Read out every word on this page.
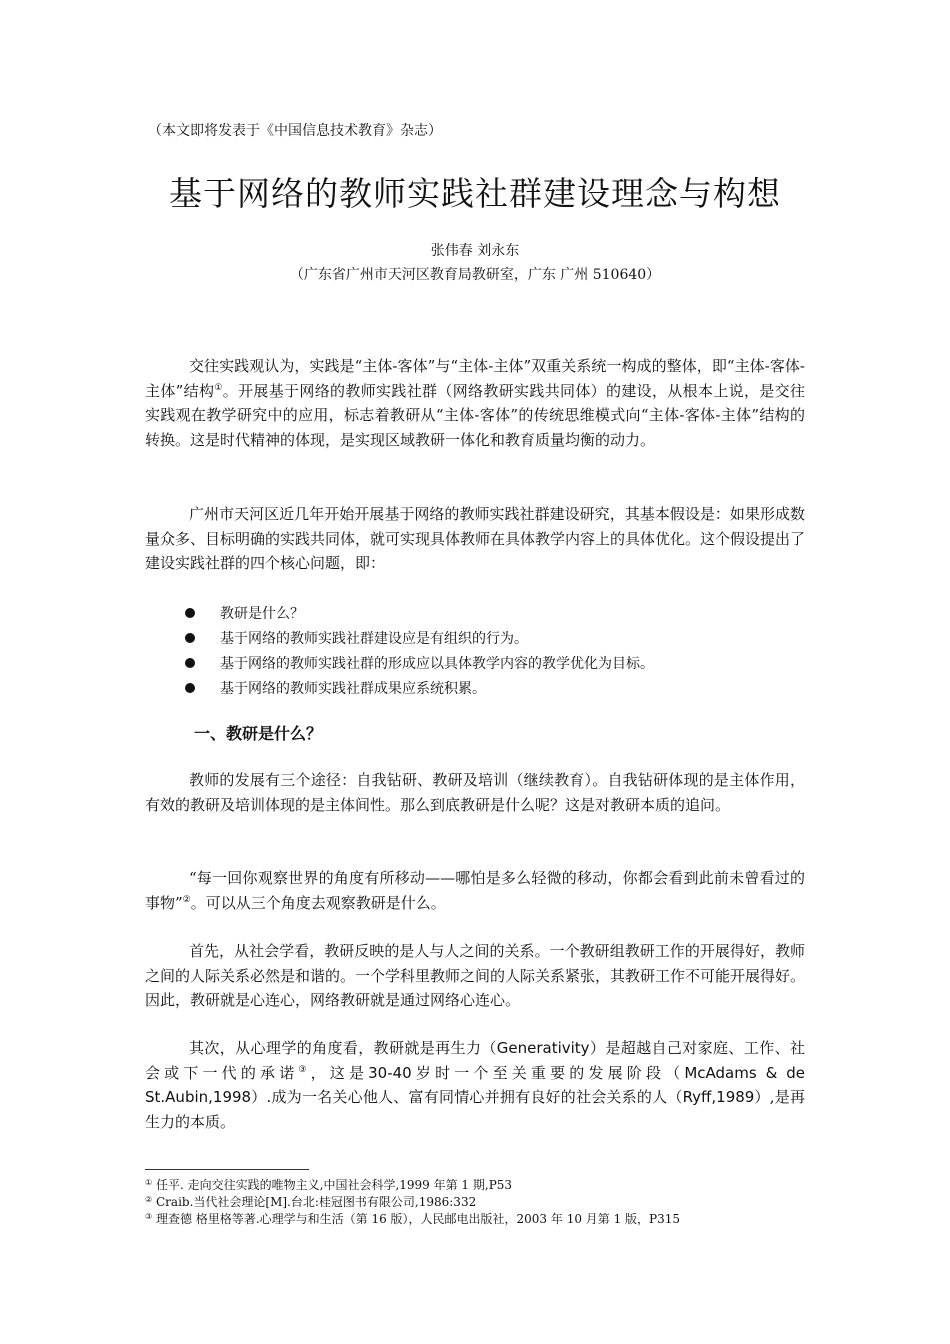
（本文即将发表于《中国信息技术教育》杂志）
基于网络的教师实践社群建设理念与构想
张伟春 刘永东
（广东省广州市天河区教育局教研室，广东 广州 510640）

交往实践观认为，实践是“主体-客体”与“主体-主体”双重关系统一构成的整体，即“主体-客体-主体”结构①。开展基于网络的教师实践社群（网络教研实践共同体）的建设，从根本上说，是交往实践观在教学研究中的应用，标志着教研从“主体-客体”的传统思维模式向“主体-客体-主体”结构的转换。这是时代精神的体现，是实现区域教研一体化和教育质量均衡的动力。

广州市天河区近几年开始开展基于网络的教师实践社群建设研究，其基本假设是：如果形成数量众多、目标明确的实践共同体，就可实现具体教师在具体教学内容上的具体优化。这个假设提出了建设实践社群的四个核心问题，即：

教研是什么？
基于网络的教师实践社群建设应是有组织的行为。
基于网络的教师实践社群的形成应以具体教学内容的教学优化为目标。
基于网络的教师实践社群成果应系统积累。
一、教研是什么？

教师的发展有三个途径：自我钻研、教研及培训（继续教育）。自我钻研体现的是主体作用，有效的教研及培训体现的是主体间性。那么到底教研是什么呢？这是对教研本质的追问。

“每一回你观察世界的角度有所移动——哪怕是多么轻微的移动，你都会看到此前未曾看过的事物”②。可以从三个角度去观察教研是什么。

首先，从社会学看，教研反映的是人与人之间的关系。一个教研组教研工作的开展得好，教师之间的人际关系必然是和谐的。一个学科里教师之间的人际关系紧张，其教研工作不可能开展得好。因此，教研就是心连心，网络教研就是通过网络心连心。

其次，从心理学的角度看，教研就是再生力（Generativity）是超越自己对家庭、工作、社会或下一代的承诺③，这是30-40岁时一个至关重要的发展阶段（McAdams & de St.Aubin,1998）.成为一名关心他人、富有同情心并拥有良好的社会关系的人（Ryff,1989）,是再生力的本质。

① 任平. 走向交往实践的唯物主义,中国社会科学,1999 年第 1 期,P53
② Craib.当代社会理论[M].台北:桂冠图书有限公司,1986:332
③ 理查德 格里格等著.心理学与和生活（第 16 版），人民邮电出版社，2003 年 10 月第 1 版，P315
